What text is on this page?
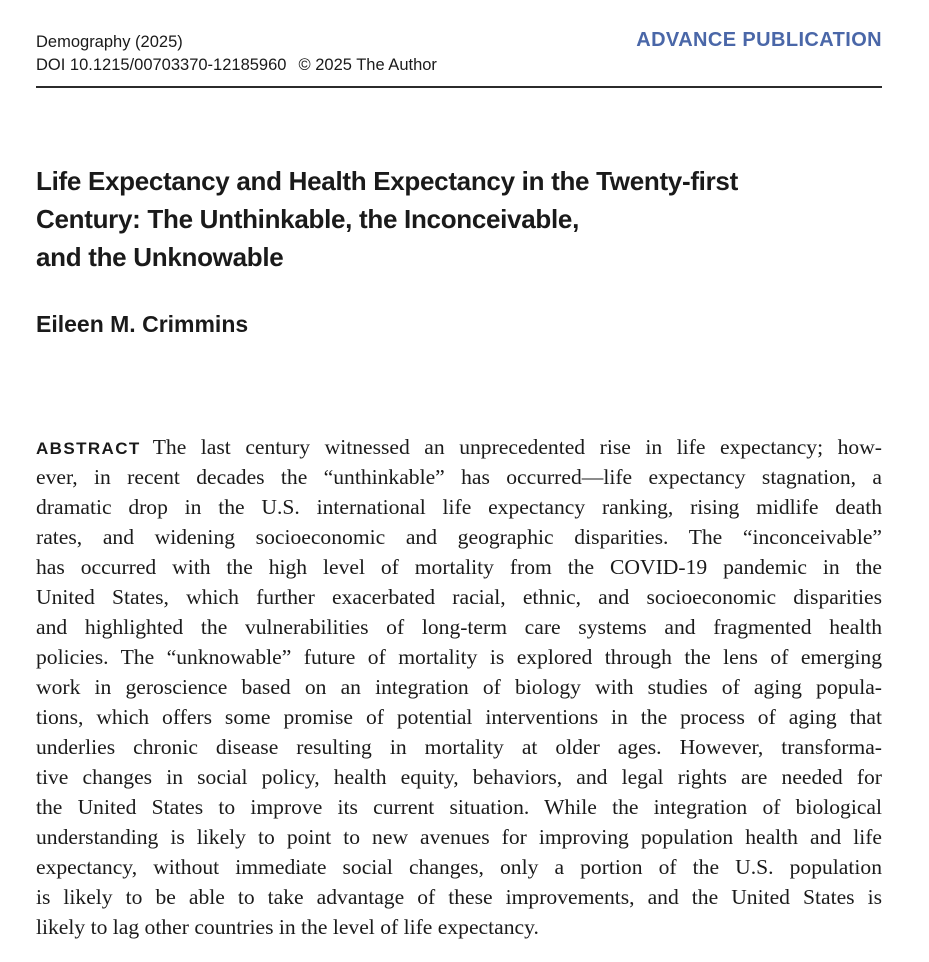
Demography (2025)
DOI 10.1215/00703370-12185960 © 2025 The Author
ADVANCE PUBLICATION
Life Expectancy and Health Expectancy in the Twenty-first
Century: The Unthinkable, the Inconceivable,
and the Unknowable
Eileen M. Crimmins
ABSTRACT The last century witnessed an unprecedented rise in life expectancy; how-
ever, in recent decades the “unthinkable” has occurred—life expectancy stagnation, a
dramatic drop in the U.S. international life expectancy ranking, rising midlife death
rates, and widening socioeconomic and geographic disparities. The “inconceivable”
has occurred with the high level of mortality from the COVID-19 pandemic in the
United States, which further exacerbated racial, ethnic, and socioeconomic disparities
and highlighted the vulnerabilities of long-term care systems and fragmented health
policies. The “unknowable” future of mortality is explored through the lens of emerging
work in geroscience based on an integration of biology with studies of aging popula-
tions, which offers some promise of potential interventions in the process of aging that
underlies chronic disease resulting in mortality at older ages. However, transforma-
tive changes in social policy, health equity, behaviors, and legal rights are needed for
the United States to improve its current situation. While the integration of biological
understanding is likely to point to new avenues for improving population health and life
expectancy, without immediate social changes, only a portion of the U.S. population
is likely to be able to take advantage of these improvements, and the United States is
likely to lag other countries in the level of life expectancy.
